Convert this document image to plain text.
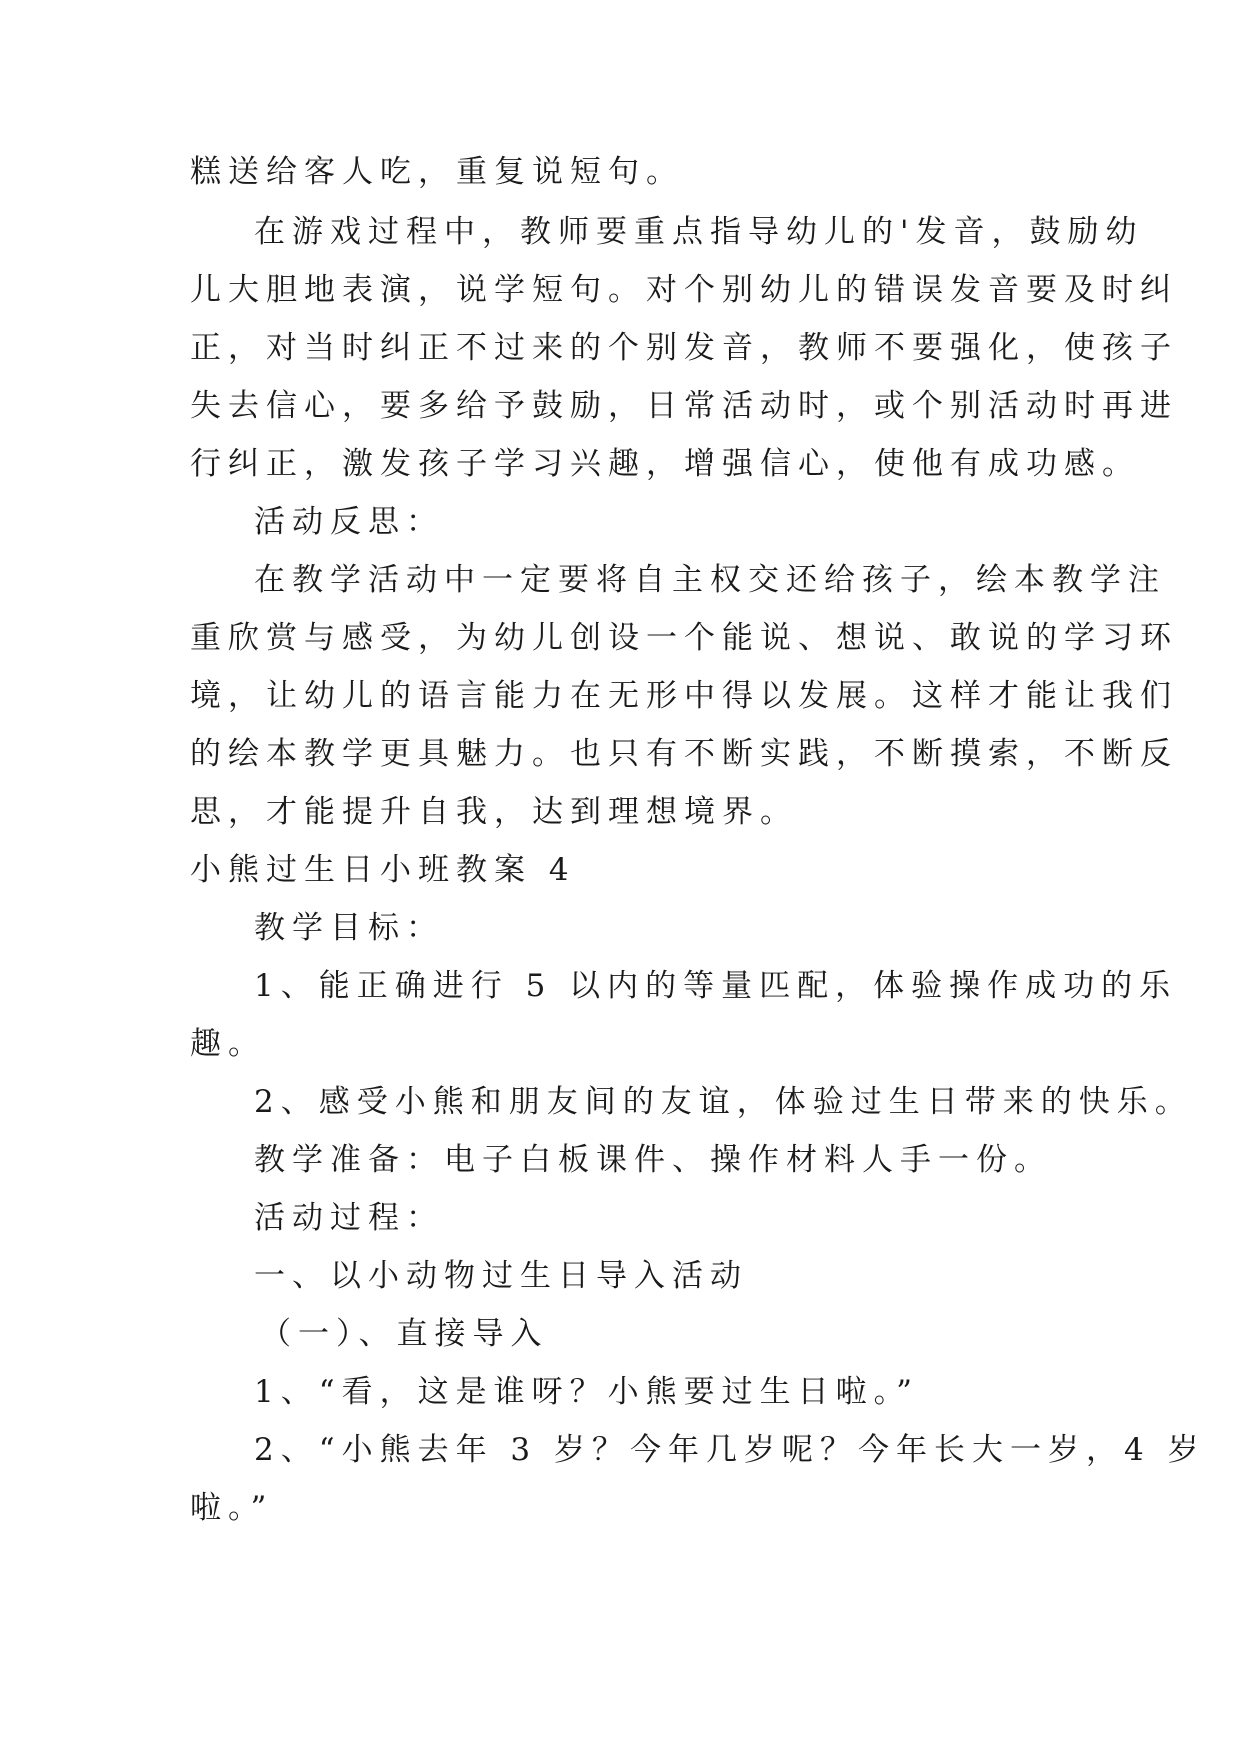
糕送给客人吃，重复说短句。
在游戏过程中，教师要重点指导幼儿的'发音，鼓励幼
儿大胆地表演，说学短句。对个别幼儿的错误发音要及时纠
正，对当时纠正不过来的个别发音，教师不要强化，使孩子
失去信心，要多给予鼓励，日常活动时，或个别活动时再进
行纠正，激发孩子学习兴趣，增强信心，使他有成功感。
活动反思：
在教学活动中一定要将自主权交还给孩子，绘本教学注
重欣赏与感受，为幼儿创设一个能说、想说、敢说的学习环
境，让幼儿的语言能力在无形中得以发展。这样才能让我们
的绘本教学更具魅力。也只有不断实践，不断摸索，不断反
思，才能提升自我，达到理想境界。
小熊过生日小班教案 4
教学目标：
1、能正确进行 5 以内的等量匹配，体验操作成功的乐
趣。
2、感受小熊和朋友间的友谊，体验过生日带来的快乐。
教学准备：电子白板课件、操作材料人手一份。
活动过程：
一、以小动物过生日导入活动
（一）、直接导入
1、“看，这是谁呀？小熊要过生日啦。”
2、“小熊去年 3 岁？今年几岁呢？今年长大一岁，4 岁
啦。”
